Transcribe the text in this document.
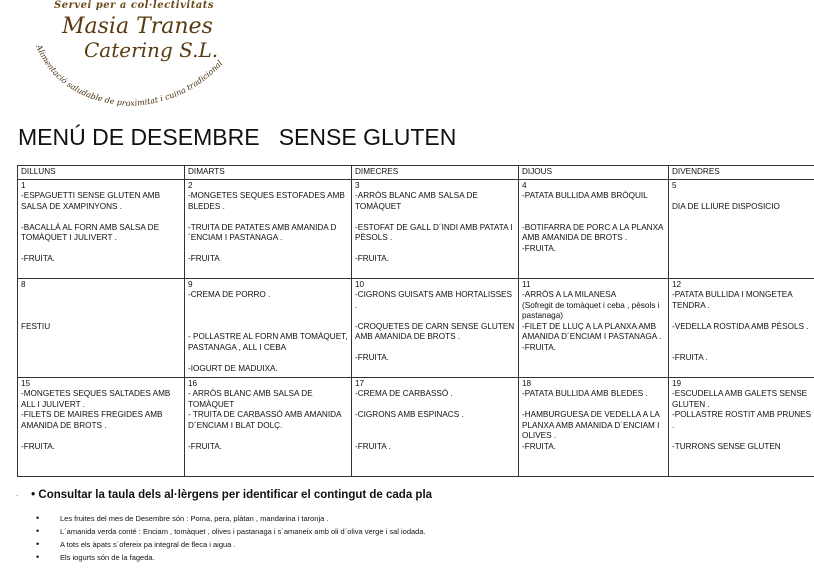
Servei per a col·lectivitats
Masia Tranes
Catering S.L.
Alimentació saludable de proximitat i cuina tradicional
MENÚ DE DESEMBRE   SENSE GLUTEN
DILLUNS	DIMARTS	DIMECRES	DIJOUS	DIVENDRES

1
-ESPAGUETTI SENSE GLUTEN AMB SALSA DE XAMPINYONS .
-BACALLÀ AL FORN AMB SALSA DE TOMÀQUET I JULIVERT .
-FRUITA.	2
-MONGETES SEQUES ESTOFADES AMB BLEDES .
-TRUITA DE PATATES AMB AMANIDA D´ENCIAM I PASTANAGA .
-FRUITA	3
-ARRÒS BLANC AMB SALSA DE TOMÀQUET
-ESTOFAT DE GALL D´INDI AMB PATATA I PÈSOLS .
-FRUITA.	4
-PATATA BULLIDA AMB BRÒQUIL
-BOTIFARRA DE PORC A LA PLANXA AMB AMANIDA DE BROTS .
-FRUITA.	5
DIA DE LLIURE DISPOSICIO

8
FESTIU	9
-CREMA DE PORRO .
- POLLASTRE AL FORN AMB TOMÀQUET, PASTANAGA , ALL I CEBA
-IOGURT DE MADUIXA.	10
-CIGRONS GUISATS AMB HORTALISSES .
-CROQUETES DE CARN SENSE GLUTEN AMB AMANIDA DE BROTS .
-FRUITA.	11
-ARRÒS A LA MILANESA
(Sofregit de tomàquet i ceba , pèsols i pastanaga)
-FILET DE LLUÇ A LA PLANXA AMB AMANIDA D´ENCIAM I PASTANAGA .
-FRUITA.	12
-PATATA BULLIDA I MONGETEA TENDRA .
-VEDELLA ROSTIDA AMB PÈSOLS .
-FRUITA .

15
-MONGETES SEQUES SALTADES AMB ALL I JULIVERT .
-FILETS DE MAIRES FREGIDES AMB AMANIDA DE BROTS .
-FRUITA.	16
- ARRÒS BLANC AMB SALSA DE TOMÀQUET
- TRUITA DE CARBASSÓ AMB AMANIDA D´ENCIAM I BLAT DOLÇ.
-FRUITA.	17
-CREMA DE CARBASSÓ .
-CIGRONS AMB ESPINACS .
-FRUITA .	18
-PATATA BULLIDA AMB BLEDES .
-HAMBURGUESA DE VEDELLA A LA PLANXA AMB AMANIDA D´ENCIAM I OLIVES .
-FRUITA.	19
-ESCUDELLA AMB GALETS SENSE GLUTEN .
-POLLASTRE ROSTIT AMB PRUNES .
-TURRONS SENSE GLUTEN
. • Consultar la taula dels al·lèrgens per identificar el contingut de cada pla
• Les fruites del mes de Desembre són : Poma, pera, plàtan , mandarina i taronja .
• L´amanida verda conté : Enciam , tomàquet , olives i pastanaga i s´amaneix amb oli d´oliva verge i sal iodada.
• A tots els àpats s´ofereix pa integral de fleca i aigua .
• Els iogurts són de la fageda.
